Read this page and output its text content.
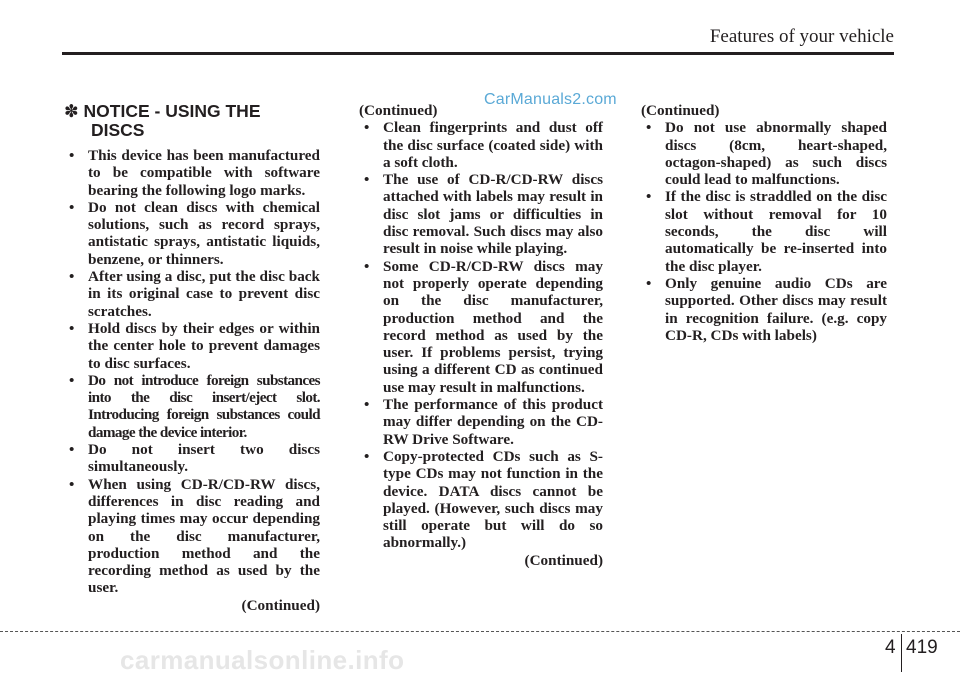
Features of your vehicle
CarManuals2.com
✽ NOTICE - USING THE
DISCS
• This device has been manufactured to be compatible with software bearing the following logo marks.
• Do not clean discs with chemical solutions, such as record sprays, antistatic sprays, antistatic liquids, benzene, or thinners.
• After using a disc, put the disc back in its original case to prevent disc scratches.
• Hold discs by their edges or within the center hole to prevent damages to disc surfaces.
• Do not introduce foreign substances into the disc insert/eject slot. Introducing foreign substances could damage the device interior.
• Do not insert two discs simultaneously.
• When using CD-R/CD-RW discs, differences in disc reading and playing times may occur depending on the disc manufacturer, production method and the recording method as used by the user.
(Continued)
(Continued)
• Clean fingerprints and dust off the disc surface (coated side) with a soft cloth.
• The use of CD-R/CD-RW discs attached with labels may result in disc slot jams or difficulties in disc removal. Such discs may also result in noise while playing.
• Some CD-R/CD-RW discs may not properly operate depending on the disc manufacturer, production method and the record method as used by the user. If problems persist, trying using a different CD as continued use may result in malfunctions.
• The performance of this product may differ depending on the CD-RW Drive Software.
• Copy-protected CDs such as S-type CDs may not function in the device. DATA discs cannot be played. (However, such discs may still operate but will do so abnormally.)
(Continued)
(Continued)
• Do not use abnormally shaped discs (8cm, heart-shaped, octagon-shaped) as such discs could lead to malfunctions.
• If the disc is straddled on the disc slot without removal for 10 seconds, the disc will automatically be re-inserted into the disc player.
• Only genuine audio CDs are supported. Other discs may result in recognition failure. (e.g. copy CD-R, CDs with labels)
4 419
carmanualsonline.info
